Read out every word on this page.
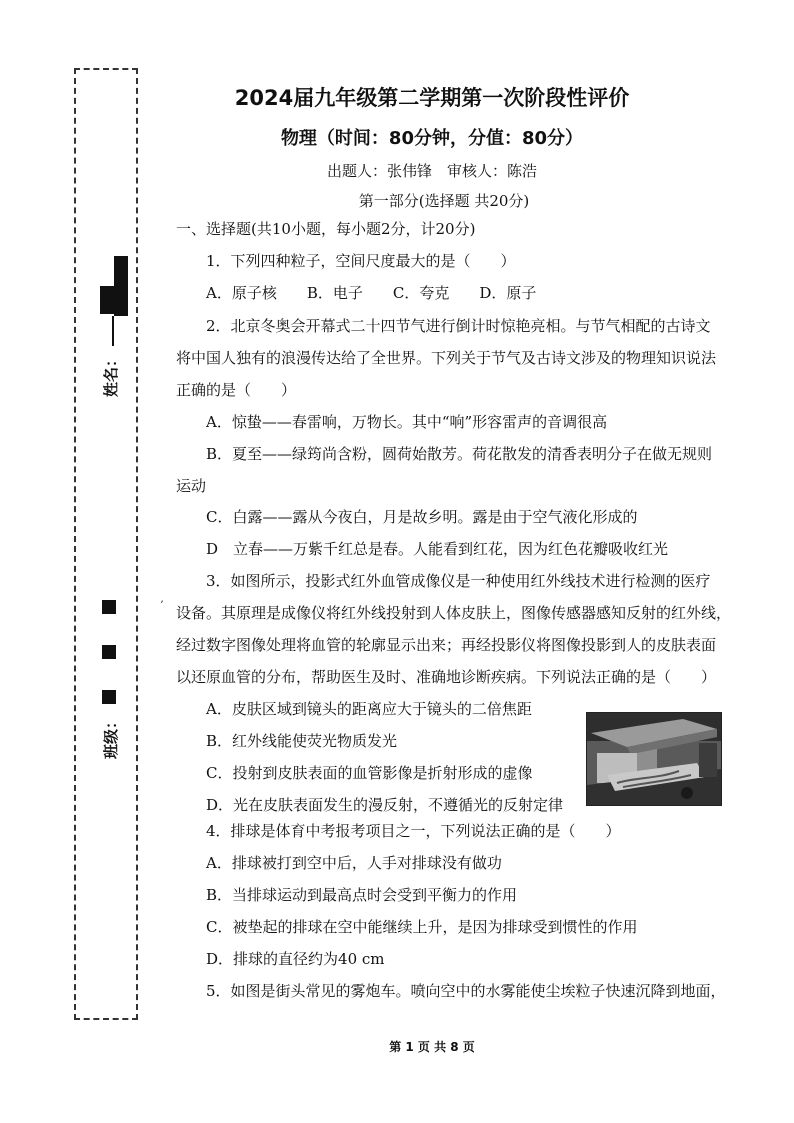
姓名：
班级：
ʼ
2024届九年级第二学期第一次阶段性评价
物理（时间：80分钟，分值：80分）
出题人：张伟锋　审核人：陈浩
第一部分(选择题 共20分)
一、选择题(共10小题，每小题2分，计20分)
1．下列四种粒子，空间尺度最大的是（　　）
A．原子核　　B．电子　　C．夸克　　D．原子
2．北京冬奥会开幕式二十四节气进行倒计时惊艳亮相。与节气相配的古诗文
将中国人独有的浪漫传达给了全世界。下列关于节气及古诗文涉及的物理知识说法
正确的是（　　）
A．惊蛰——春雷响，万物长。其中“响”形容雷声的音调很高
B．夏至——绿筠尚含粉，圆荷始散芳。荷花散发的清香表明分子在做无规则
运动
C．白露——露从今夜白，月是故乡明。露是由于空气液化形成的
D　立春——万紫千红总是春。人能看到红花，因为红色花瓣吸收红光
3．如图所示，投影式红外血管成像仪是一种使用红外线技术进行检测的医疗
设备。其原理是成像仪将红外线投射到人体皮肤上，图像传感器感知反射的红外线，
经过数字图像处理将血管的轮廓显示出来；再经投影仪将图像投影到人的皮肤表面
以还原血管的分布，帮助医生及时、准确地诊断疾病。下列说法正确的是（　　）
A．皮肤区域到镜头的距离应大于镜头的二倍焦距
B．红外线能使荧光物质发光
C．投射到皮肤表面的血管影像是折射形成的虚像
D．光在皮肤表面发生的漫反射，不遵循光的反射定律
4．排球是体育中考报考项目之一，下列说法正确的是（　　）
A．排球被打到空中后，人手对排球没有做功
B．当排球运动到最高点时会受到平衡力的作用
C．被垫起的排球在空中能继续上升，是因为排球受到惯性的作用
D．排球的直径约为40 cm
5．如图是街头常见的雾炮车。喷向空中的水雾能使尘埃粒子快速沉降到地面，
第 1 页 共 8 页
